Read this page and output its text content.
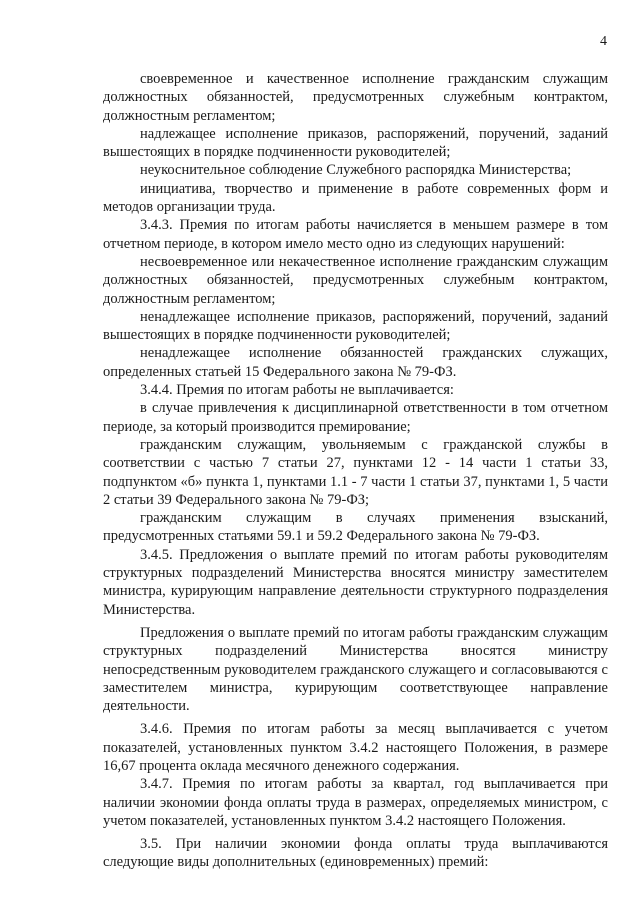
4

своевременное и качественное исполнение гражданским служащим должностных обязанностей, предусмотренных служебным контрактом, должностным регламентом;

надлежащее исполнение приказов, распоряжений, поручений, заданий вышестоящих в порядке подчиненности руководителей;

неукоснительное соблюдение Служебного распорядка Министерства;

инициатива, творчество и применение в работе современных форм и методов организации труда.

3.4.3. Премия по итогам работы начисляется в меньшем размере в том отчетном периоде, в котором имело место одно из следующих нарушений:

несвоевременное или некачественное исполнение гражданским служащим должностных обязанностей, предусмотренных служебным контрактом, должностным регламентом;

ненадлежащее исполнение приказов, распоряжений, поручений, заданий вышестоящих в порядке подчиненности руководителей;

ненадлежащее исполнение обязанностей гражданских служащих, определенных статьей 15 Федерального закона № 79-ФЗ.

3.4.4. Премия по итогам работы не выплачивается:

в случае привлечения к дисциплинарной ответственности в том отчетном периоде, за который производится премирование;

гражданским служащим, увольняемым с гражданской службы в соответствии с частью 7 статьи 27, пунктами 12 - 14 части 1 статьи 33, подпунктом «б» пункта 1, пунктами 1.1 - 7 части 1 статьи 37, пунктами 1, 5 части 2 статьи 39 Федерального закона № 79-ФЗ;

гражданским служащим в случаях применения взысканий, предусмотренных статьями 59.1 и 59.2 Федерального закона № 79-ФЗ.

3.4.5. Предложения о выплате премий по итогам работы руководителям структурных подразделений Министерства вносятся министру заместителем министра, курирующим направление деятельности структурного подразделения Министерства.

Предложения о выплате премий по итогам работы гражданским служащим структурных подразделений Министерства вносятся министру непосредственным руководителем гражданского служащего и согласовываются с заместителем министра, курирующим соответствующее направление деятельности.

3.4.6. Премия по итогам работы за месяц выплачивается с учетом показателей, установленных пунктом 3.4.2 настоящего Положения, в размере 16,67 процента оклада месячного денежного содержания.

3.4.7. Премия по итогам работы за квартал, год выплачивается при наличии экономии фонда оплаты труда в размерах, определяемых министром, с учетом показателей, установленных пунктом 3.4.2 настоящего Положения.

3.5. При наличии экономии фонда оплаты труда выплачиваются следующие виды дополнительных (единовременных) премий:
